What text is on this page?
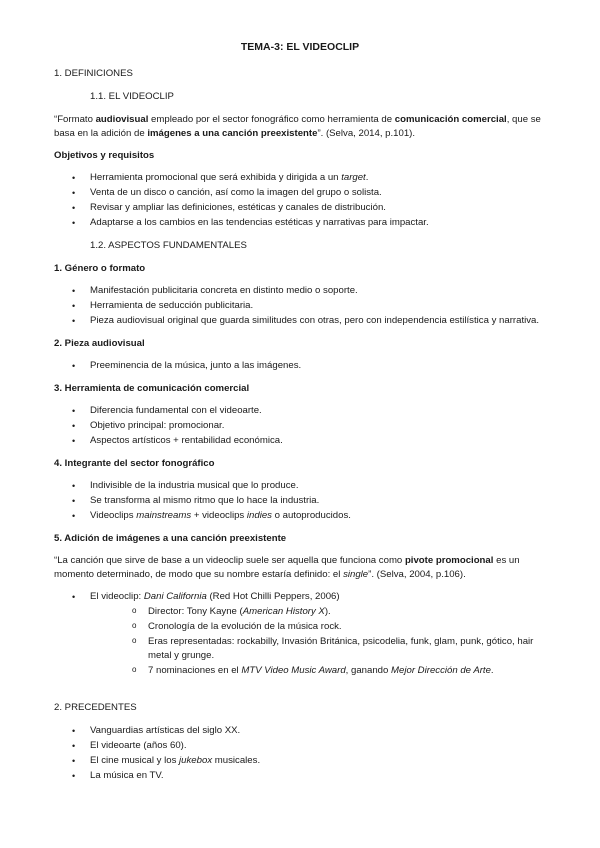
TEMA-3: EL VIDEOCLIP
1. DEFINICIONES
1.1. EL VIDEOCLIP

“Formato audiovisual empleado por el sector fonográfico como herramienta de comunicación comercial, que se basa en la adición de imágenes a una canción preexistente”. (Selva, 2014, p.101).

Objetivos y requisitos
• Herramienta promocional que será exhibida y dirigida a un target.
• Venta de un disco o canción, así como la imagen del grupo o solista.
• Revisar y ampliar las definiciones, estéticas y canales de distribución.
• Adaptarse a los cambios en las tendencias estéticas y narrativas para impactar.
1.2. ASPECTOS FUNDAMENTALES
1. Género o formato
• Manifestación publicitaria concreta en distinto medio o soporte.
• Herramienta de seducción publicitaria.
• Pieza audiovisual original que guarda similitudes con otras, pero con independencia estilística y narrativa.
2. Pieza audiovisual
• Preeminencia de la música, junto a las imágenes.
3. Herramienta de comunicación comercial
• Diferencia fundamental con el videoarte.
• Objetivo principal: promocionar.
• Aspectos artísticos + rentabilidad económica.
4. Integrante del sector fonográfico
• Indivisible de la industria musical que lo produce.
• Se transforma al mismo ritmo que lo hace la industria.
• Videoclips mainstreams + videoclips indies o autoproducidos.
5. Adición de imágenes a una canción preexistente

“La canción que sirve de base a un videoclip suele ser aquella que funciona como pivote promocional es un momento determinado, de modo que su nombre estaría definido: el single”. (Selva, 2004, p.106).

• El videoclip: Dani California (Red Hot Chilli Peppers, 2006)
o Director: Tony Kayne (American History X).
o Cronología de la evolución de la música rock.
o Eras representadas: rockabilly, Invasión Británica, psicodelia, funk, glam, punk, gótico, hair metal y grunge.
o 7 nominaciones en el MTV Video Music Award, ganando Mejor Dirección de Arte.
2. PRECEDENTES
• Vanguardias artísticas del siglo XX.
• El videoarte (años 60).
• El cine musical y los jukebox musicales.
• La música en TV.
